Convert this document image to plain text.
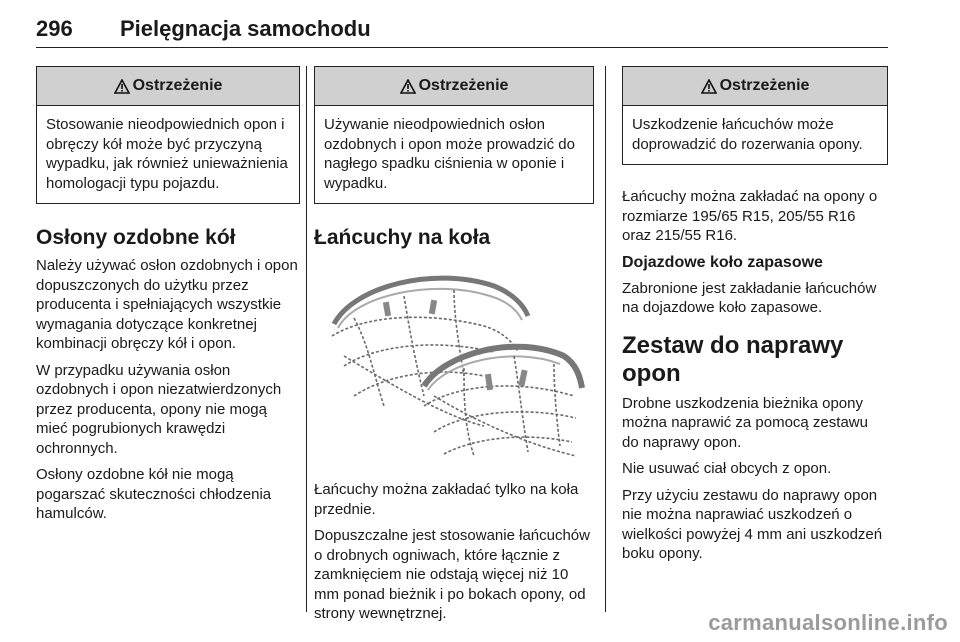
296 Pielęgnacja samochodu
Ostrzeżenie
Stosowanie nieodpowiednich opon i obręczy kół może być przyczyną wypadku, jak również unieważnienia homologacji typu pojazdu.
Osłony ozdobne kół

Należy używać osłon ozdobnych i opon dopuszczonych do użytku przez producenta i spełniających wszystkie wymagania dotyczące konkretnej kombinacji obręczy kół i opon.

W przypadku używania osłon ozdobnych i opon niezatwierdzonych przez producenta, opony nie mogą mieć pogrubionych krawędzi ochronnych.

Osłony ozdobne kół nie mogą pogarszać skuteczności chłodzenia hamulców.

Ostrzeżenie
Używanie nieodpowiednich osłon ozdobnych i opon może prowadzić do nagłego spadku ciśnienia w oponie i wypadku.
Łańcuchy na koła

Łańcuchy można zakładać tylko na koła przednie.

Dopuszczalne jest stosowanie łańcuchów o drobnych ogniwach, które łącznie z zamknięciem nie odstają więcej niż 10 mm ponad bieżnik i po bokach opony, od strony wewnętrznej.

Ostrzeżenie
Uszkodzenie łańcuchów może doprowadzić do rozerwania opony.

Łańcuchy można zakładać na opony o rozmiarze 195/65 R15, 205/55 R16 oraz 215/55 R16.

Dojazdowe koło zapasowe

Zabronione jest zakładanie łańcuchów na dojazdowe koło zapasowe.

Zestaw do naprawy opon

Drobne uszkodzenia bieżnika opony można naprawić za pomocą zestawu do naprawy opon.

Nie usuwać ciał obcych z opon.

Przy użyciu zestawu do naprawy opon nie można naprawiać uszkodzeń o wielkości powyżej 4 mm ani uszkodzeń boku opony.

carmanualsonline.info
